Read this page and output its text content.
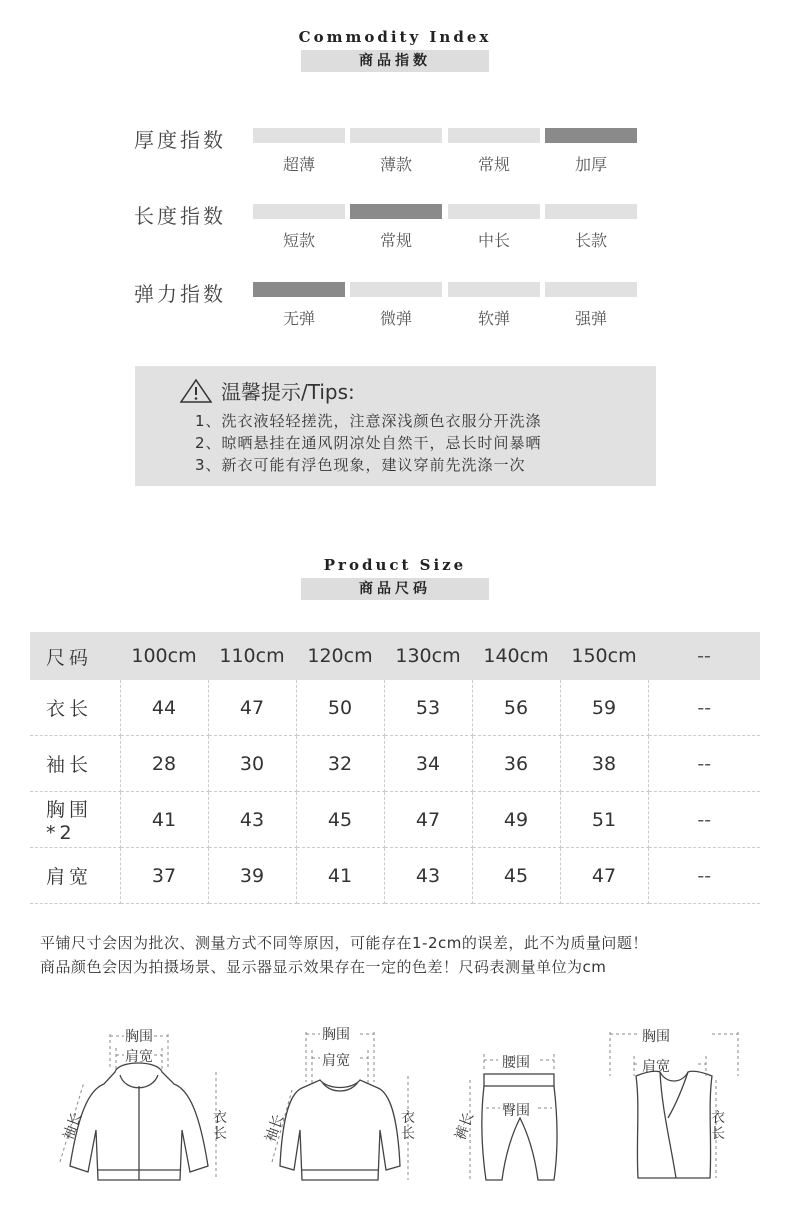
Commodity Index
商品指数
厚度指数
超薄	薄款	常规	加厚
长度指数
短款	常规	中长	长款
弹力指数
无弹	微弹	软弹	强弹
温馨提示/Tips:
1、洗衣液轻轻搓洗，注意深浅颜色衣服分开洗涤
2、晾晒悬挂在通风阴凉处自然干，忌长时间暴晒
3、新衣可能有浮色现象，建议穿前先洗涤一次
Product Size
商品尺码
尺码	100cm	110cm	120cm	130cm	140cm	150cm	--
衣长	44	47	50	53	56	59	--
袖长	28	30	32	34	36	38	--
胸围*2	41	43	45	47	49	51	--
肩宽	37	39	41	43	45	47	--
平铺尺寸会因为批次、测量方式不同等原因，可能存在1-2cm的误差，此不为质量问题！
商品颜色会因为拍摄场景、显示器显示效果存在一定的色差！尺码表测量单位为cm
胸围
肩宽
袖长	衣长
胸围
肩宽
袖长	衣长
腰围
臀围
裤长
胸围
肩宽
衣长
